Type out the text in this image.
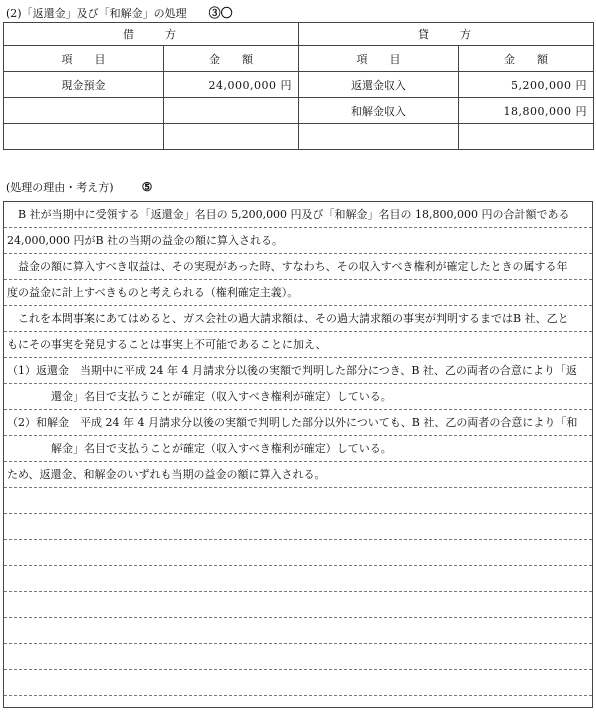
(2)「返還金」及び「和解金」の処理 ③〇
借　　方		貸　　方	
項　　目	金　　額	項　　目	金　　額
現金預金	24,000,000 円	返還金収入	5,200,000 円
		和解金収入	18,800,000 円

(処理の理由・考え方) ⑤
　B 社が当期中に受領する「返還金」名目の 5,200,000 円及び「和解金」名目の 18,800,000 円の合計額である
24,000,000 円がB 社の当期の益金の額に算入される。
　益金の額に算入すべき収益は、その実現があった時、すなわち、その収入すべき権利が確定したときの属する年
度の益金に計上すべきものと考えられる（権利確定主義）。
　これを本問事案にあてはめると、ガス会社の過大請求額は、その過大請求額の事実が判明するまではB 社、乙と
もにその事実を発見することは事実上不可能であることに加え、
（1）返還金　当期中に平成 24 年 4 月請求分以後の実額で判明した部分につき、B 社、乙の両者の合意により「返
　　　　還金」名目で支払うことが確定（収入すべき権利が確定）している。
（2）和解金　平成 24 年 4 月請求分以後の実額で判明した部分以外についても、B 社、乙の両者の合意により「和
　　　　解金」名目で支払うことが確定（収入すべき権利が確定）している。
ため、返還金、和解金のいずれも当期の益金の額に算入される。
